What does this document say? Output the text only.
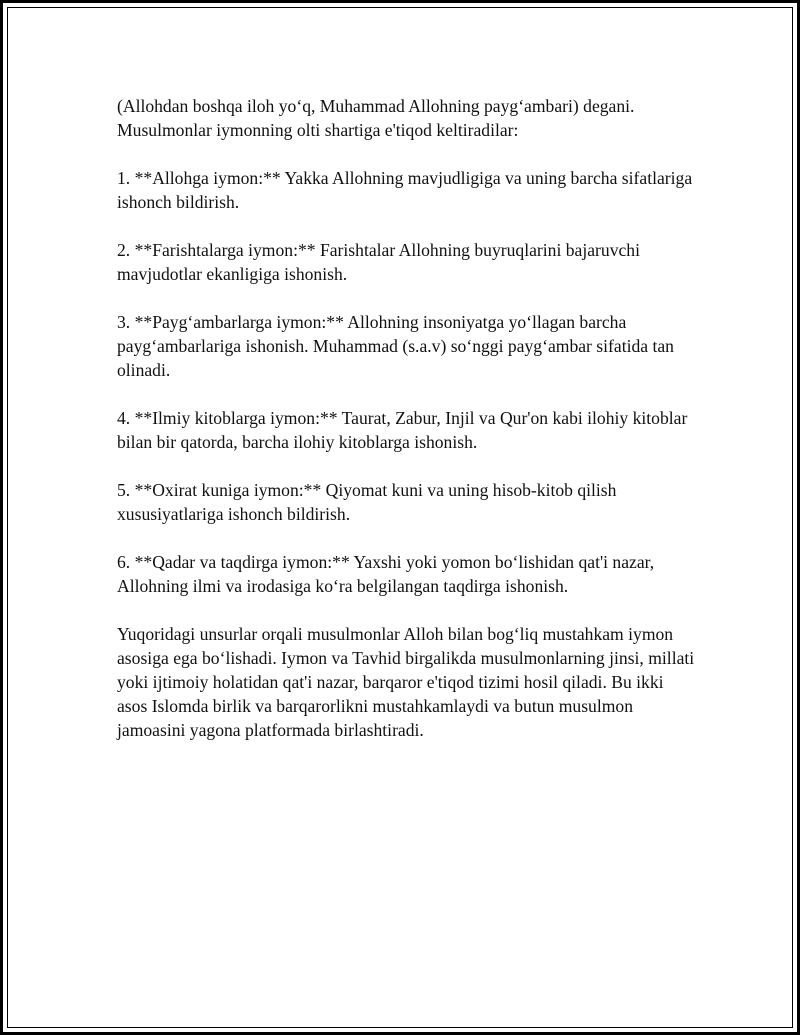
(Allohdan boshqa iloh yo‘q, Muhammad Allohning payg‘ambari) degani. Musulmonlar iymonning olti shartiga e'tiqod keltiradilar:

1. **Allohga iymon:** Yakka Allohning mavjudligiga va uning barcha sifatlariga ishonch bildirish.

2. **Farishtalarga iymon:** Farishtalar Allohning buyruqlarini bajaruvchi mavjudotlar ekanligiga ishonish.

3. **Payg‘ambarlarga iymon:** Allohning insoniyatga yo‘llagan barcha payg‘ambarlariga ishonish. Muhammad (s.a.v) so‘nggi payg‘ambar sifatida tan olinadi.

4. **Ilmiy kitoblarga iymon:** Taurat, Zabur, Injil va Qur'on kabi ilohiy kitoblar bilan bir qatorda, barcha ilohiy kitoblarga ishonish.

5. **Oxirat kuniga iymon:** Qiyomat kuni va uning hisob-kitob qilish xususiyatlariga ishonch bildirish.

6. **Qadar va taqdirga iymon:** Yaxshi yoki yomon bo‘lishidan qat'i nazar, Allohning ilmi va irodasiga ko‘ra belgilangan taqdirga ishonish.

Yuqoridagi unsurlar orqali musulmonlar Alloh bilan bog‘liq mustahkam iymon asosiga ega bo‘lishadi. Iymon va Tavhid birgalikda musulmonlarning jinsi, millati yoki ijtimoiy holatidan qat'i nazar, barqaror e'tiqod tizimi hosil qiladi. Bu ikki asos Islomda birlik va barqarorlikni mustahkamlaydi va butun musulmon jamoasini yagona platformada birlashtiradi.
